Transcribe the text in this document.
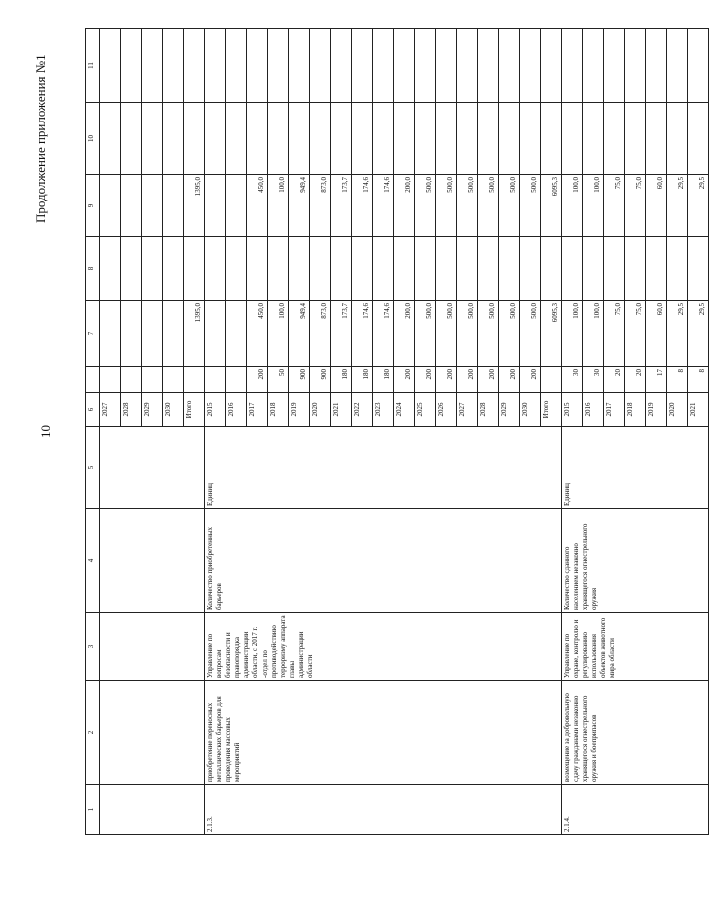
10
Продолжение приложения №1
1	2	3	4	5	6		7	8	9	10	11
					2027						
					2028						
					2029						
					2030						
					Итого		1395,0		1395,0		
2.1.3.	приобретение переносных металлических барьеров для проведения массовых мероприятий	Управление по вопросам безопасности и правопорядка администрации области, с 2017 г. -отдел по противодействию терроризму аппарата главы администрации области	Количество приобретенных барьеров	Единиц	2015						
					2016						
					2017	200	450,0		450,0		
					2018	50	100,0		100,0		
					2019	900	949,4		949,4		
					2020	900	873,0		873,0		
					2021	180	173,7		173,7		
					2022	180	174,6		174,6		
					2023	180	174,6		174,6		
					2024	200	200,0		200,0		
					2025	200	500,0		500,0		
					2026	200	500,0		500,0		
					2027	200	500,0		500,0		
					2028	200	500,0		500,0		
					2029	200	500,0		500,0		
					2030	200	500,0		500,0		
					Итого		6095,3		6095,3		
2.1.4.	возмещение за добровольную сдачу гражданами незаконно хранящегося огнестрельного оружия и боеприпасов	Управление по охране, контролю и регулированию использования объектов животного мира области	Количество сданного населением незаконно хранящегося огнестрельного оружия	Единиц	2015	30	100,0		100,0		
					2016	30	100,0		100,0		
					2017	20	75,0		75,0		
					2018	20	75,0		75,0		
					2019	17	60,0		60,0		
					2020	8	29,5		29,5		
					2021	8	29,5		29,5		
